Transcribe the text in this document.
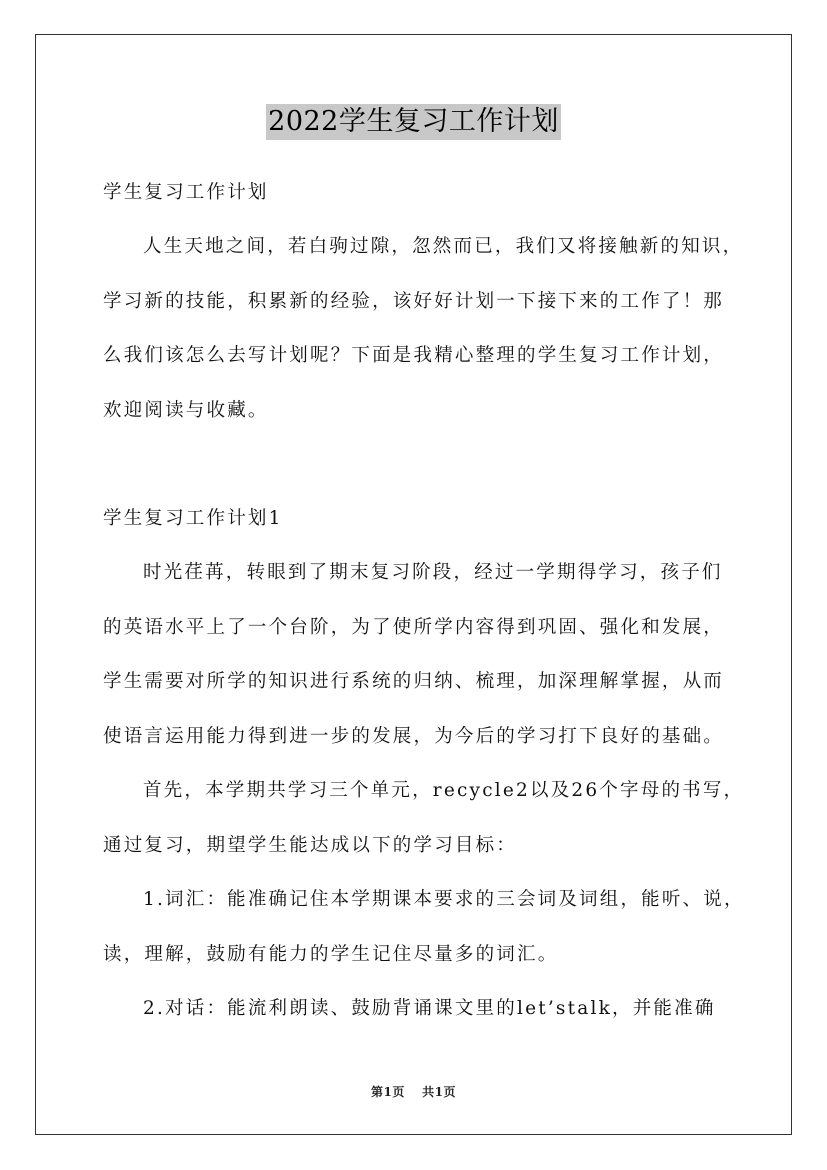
2022学生复习工作计划
学生复习工作计划
人生天地之间，若白驹过隙，忽然而已，我们又将接触新的知识，
学习新的技能，积累新的经验，该好好计划一下接下来的工作了！那
么我们该怎么去写计划呢？下面是我精心整理的学生复习工作计划，
欢迎阅读与收藏。
学生复习工作计划1
时光荏苒，转眼到了期末复习阶段，经过一学期得学习，孩子们
的英语水平上了一个台阶，为了使所学内容得到巩固、强化和发展，
学生需要对所学的知识进行系统的归纳、梳理，加深理解掌握，从而
使语言运用能力得到进一步的发展，为今后的学习打下良好的基础。
首先，本学期共学习三个单元，recycle2以及26个字母的书写，
通过复习，期望学生能达成以下的学习目标：
1.词汇：能准确记住本学期课本要求的三会词及词组，能听、说，
读，理解，鼓励有能力的学生记住尽量多的词汇。
2.对话：能流利朗读、鼓励背诵课文里的let’stalk，并能准确
第1页 共1页
